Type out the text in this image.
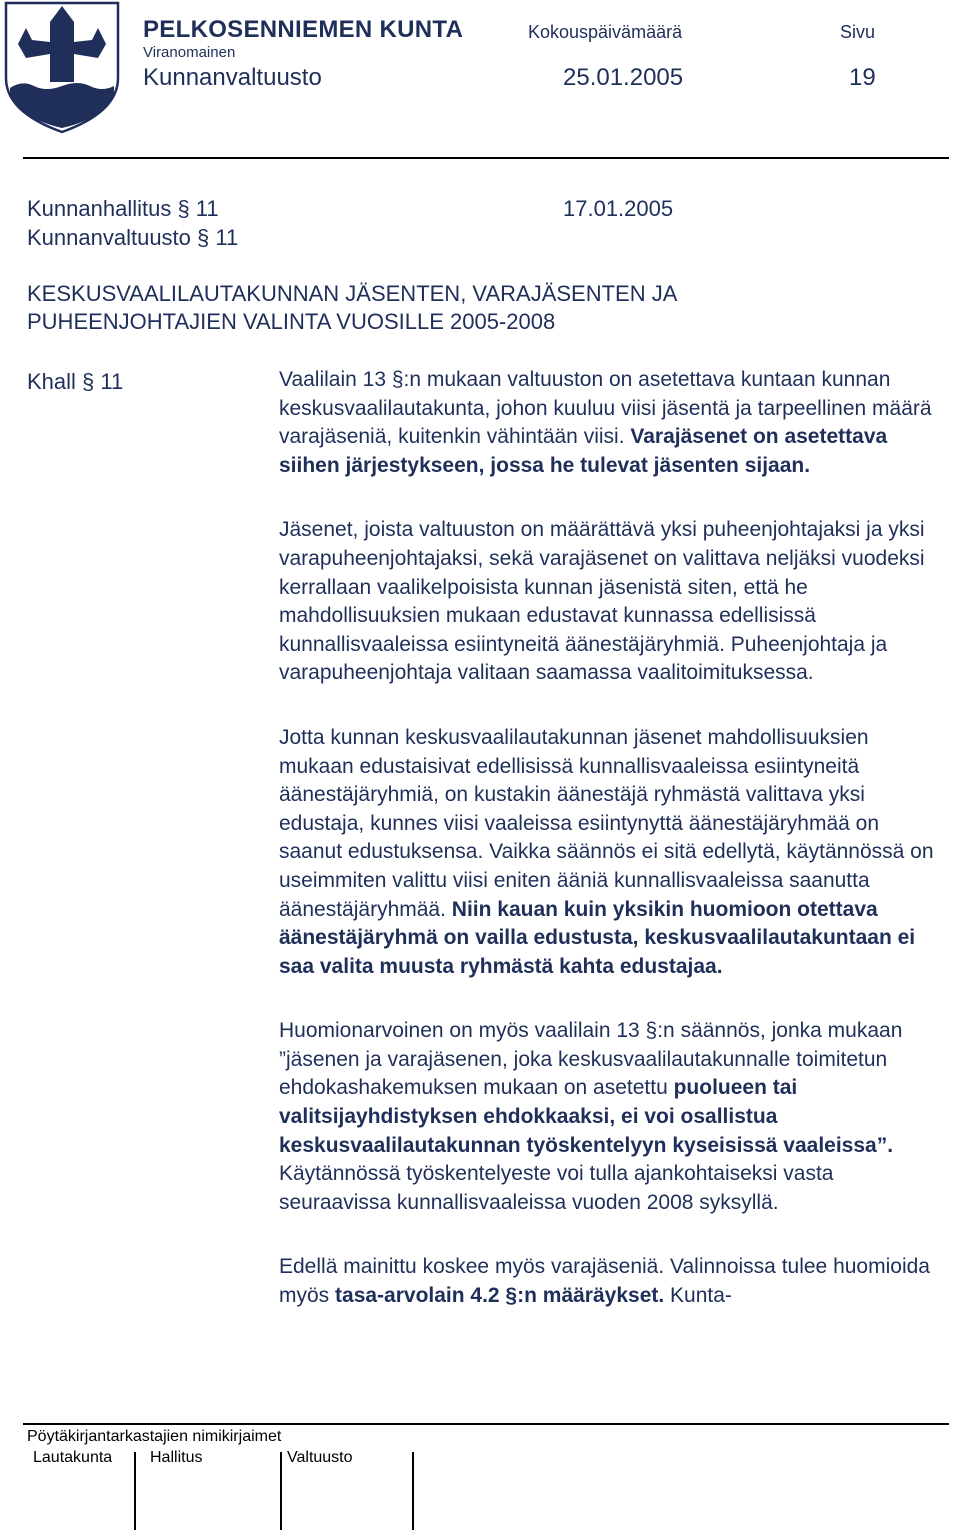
PELKOSENNIEMEN KUNTA
Viranomainen
Kokouspäivämäärä	Sivu
Kunnanvaltuusto	25.01.2005	19
Kunnanhallitus § 11	17.01.2005
Kunnanvaltuusto § 11
KESKUSVAALILAUTAKUNNAN JÄSENTEN, VARAJÄSENTEN JA
PUHEENJOHTAJIEN VALINTA VUOSILLE 2005-2008
Khall § 11	Vaalilain 13 §:n mukaan valtuuston on asetettava kuntaan kunnan keskusvaalilautakunta, johon kuuluu viisi jäsentä ja tarpeellinen määrä varajäseniä, kuitenkin vähintään viisi. Varajäsenet on asetettava siihen järjestykseen, jossa he tulevat jäsenten sijaan.

Jäsenet, joista valtuuston on määrättävä yksi puheenjohtajaksi ja yksi varapuheenjohtajaksi, sekä varajäsenet on valittava neljäksi vuodeksi kerrallaan vaalikelpoisista kunnan jäsenistä siten, että he mahdollisuuksien mukaan edustavat kunnassa edellisissä kunnallisvaaleissa esiintyneitä äänestäjäryhmiä. Puheenjohtaja ja varapuheenjohtaja valitaan saamassa vaalitoimituksessa.

Jotta kunnan keskusvaalilautakunnan jäsenet mahdollisuuksien mukaan edustaisivat edellisissä kunnallisvaaleissa esiintyneitä äänestäjäryhmiä, on kustakin äänestäjä ryhmästä valittava yksi edustaja, kunnes viisi vaaleissa esiintynyttä äänestäjäryhmää on saanut edustuksensa. Vaikka säännös ei sitä edellytä, käytännössä on useimmiten valittu viisi eniten ääniä kunnallisvaaleissa saanutta äänestäjäryhmää. Niin kauan kuin yksikin huomioon otettava äänestäjäryhmä on vailla edustusta, keskusvaalilautakuntaan ei saa valita muusta ryhmästä kahta edustajaa.

Huomionarvoinen on myös vaalilain 13 §:n säännös, jonka mukaan ”jäsenen ja varajäsenen, joka keskusvaalilautakunnalle toimitetun ehdokashakemuksen mukaan on asetettu puolueen tai valitsijayhdistyksen ehdokkaaksi, ei voi osallistua keskusvaalilautakunnan työskentelyyn kyseisissä vaaleissa”. Käytännössä työskentelyeste voi tulla ajankohtaiseksi vasta seuraavissa kunnallisvaaleissa vuoden 2008 syksyllä.

Edellä mainittu koskee myös varajäseniä. Valinnoissa tulee huomioida myös tasa-arvolain 4.2 §:n määräykset. Kunta-

Pöytäkirjantarkastajien nimikirjaimet
Lautakunta Hallitus	Valtuusto
